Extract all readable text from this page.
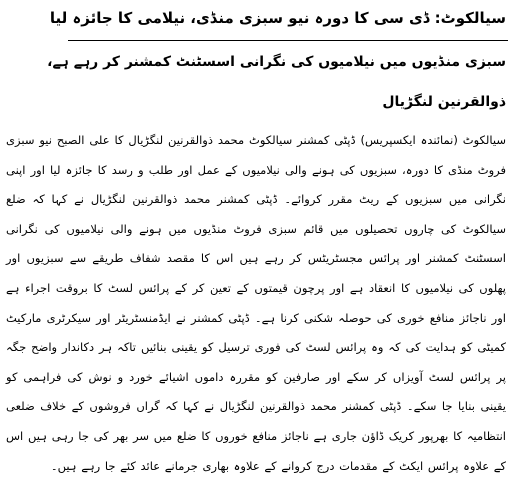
سیالکوٹ: ڈی سی کا دورہ نیو سبزی منڈی، نیلامی کا جائزہ لیا
سبزی منڈیوں میں نیلامیوں کی نگرانی اسسٹنٹ کمشنر کر رہے ہے، ذوالقرنین لنگڑیال
سیالکوٹ (نمائندہ ایکسپریس) ڈپٹی کمشنر سیالکوٹ محمد ذوالقرنین لنگڑیال کا علی الصبح نیو سبزی فروٹ منڈی کا دورہ، سبزیوں کی ہونے والی نیلامیوں کے عمل اور طلب و رسد کا جائزہ لیا اور اپنی نگرانی میں سبزیوں کے ریٹ مقرر کروائے۔ ڈپٹی کمشنر محمد ذوالقرنین لنگڑیال نے کہا کہ ضلع سیالکوٹ کی چاروں تحصیلوں میں قائم سبزی فروٹ منڈیوں میں ہونے والی نیلامیوں کی نگرانی اسسٹنٹ کمشنر اور پرائس مجسٹریٹس کر رہے ہیں اس کا مقصد شفاف طریقے سے سبزیوں اور پھلوں کی نیلامیوں کا انعقاد ہے اور پرچون قیمتوں کے تعین کر کے پرائس لسٹ کا بروقت اجراء ہے اور ناجائز منافع خوری کی حوصلہ شکنی کرنا ہے۔ ڈپٹی کمشنر نے ایڈمنسٹریٹر اور سیکرٹری مارکیٹ کمیٹی کو ہدایت کی کہ وہ پرائس لسٹ کی فوری ترسیل کو یقینی بنائیں تاکہ ہر دکاندار واضح جگہ پر پرائس لسٹ آویزاں کر سکے اور صارفین کو مقررہ داموں اشیائے خورد و نوش کی فراہمی کو یقینی بنایا جا سکے۔ ڈپٹی کمشنر محمد ذوالقرنین لنگڑیال نے کہا کہ گراں فروشوں کے خلاف ضلعی انتظامیہ کا بھرپور کریک ڈاؤن جاری ہے ناجائز منافع خوروں کا ضلع میں سر بھر کی جا رہی ہیں اس کے علاوہ پرائس ایکٹ کے مقدمات درج کروانے کے علاوہ بھاری جرمانے عائد کئے جا رہے ہیں۔
